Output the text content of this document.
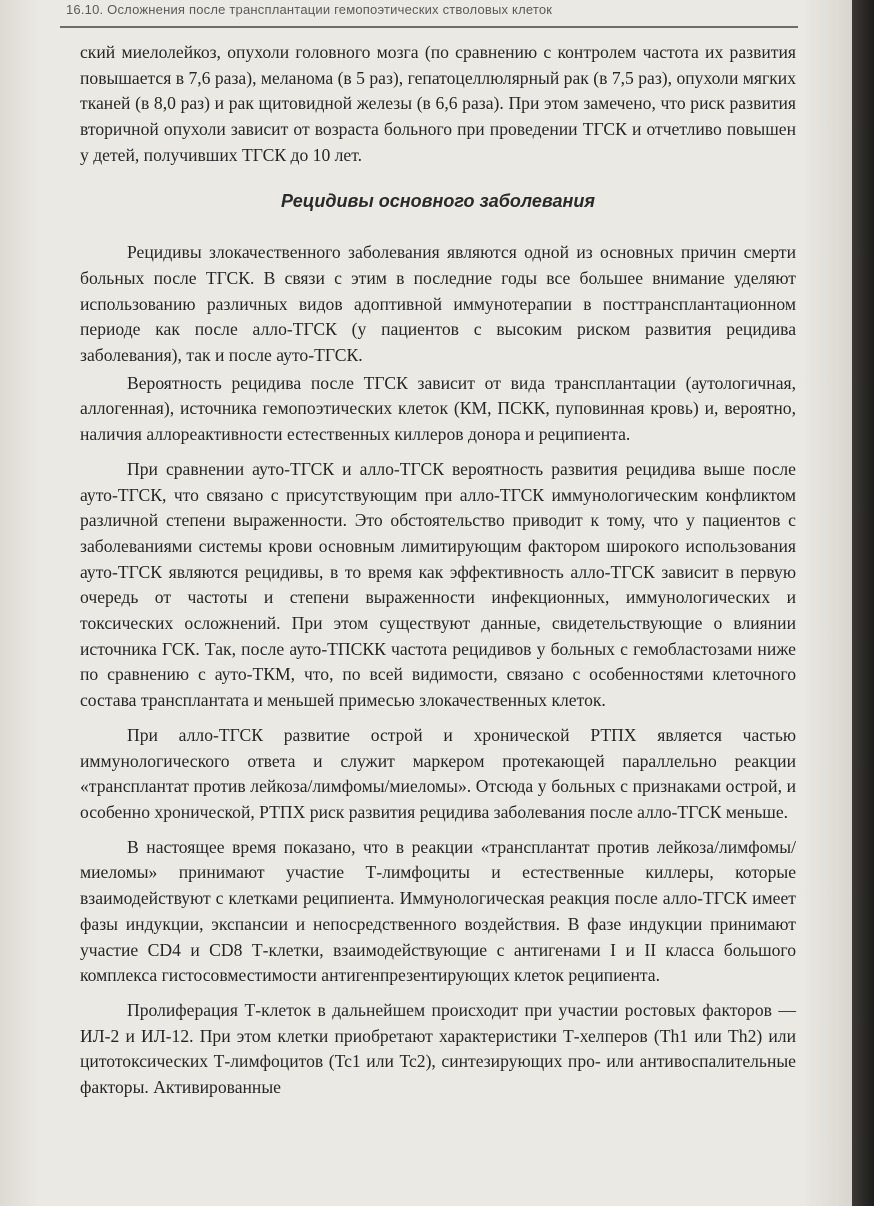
16.10. Осложнения после трансплантации гемопоэтических стволовых клеток

ский миелолейкоз, опухоли головного мозга (по сравнению с контролем частота их развития повышается в 7,6 раза), меланома (в 5 раз), гепатоцеллюлярный рак (в 7,5 раз), опухоли мягких тканей (в 8,0 раз) и рак щитовидной железы (в 6,6 раза). При этом замечено, что риск развития вторичной опухоли зависит от возраста больного при проведении ТГСК и отчетливо повышен у детей, получивших ТГСК до 10 лет.

Рецидивы основного заболевания

Рецидивы злокачественного заболевания являются одной из основных причин смерти больных после ТГСК. В связи с этим в последние годы все большее внимание уделяют использованию различных видов адоптивной иммунотерапии в посттрансплантационном периоде как после алло-ТГСК (у пациентов с высоким риском развития рецидива заболевания), так и после ауто-ТГСК.

Вероятность рецидива после ТГСК зависит от вида трансплантации (аутологичная, аллогенная), источника гемопоэтических клеток (КМ, ПСКК, пуповинная кровь) и, вероятно, наличия аллореактивности естественных киллеров донора и реципиента.

При сравнении ауто-ТГСК и алло-ТГСК вероятность развития рецидива выше после ауто-ТГСК, что связано с присутствующим при алло-ТГСК иммунологическим конфликтом различной степени выраженности. Это обстоятельство приводит к тому, что у пациентов с заболеваниями системы крови основным лимитирующим фактором широкого использования ауто-ТГСК являются рецидивы, в то время как эффективность алло-ТГСК зависит в первую очередь от частоты и степени выраженности инфекционных, иммунологических и токсических осложнений. При этом существуют данные, свидетельствующие о влиянии источника ГСК. Так, после ауто-ТПСКК частота рецидивов у больных с гемобластозами ниже по сравнению с ауто-ТКМ, что, по всей видимости, связано с особенностями клеточного состава трансплантата и меньшей примесью злокачественных клеток.

При алло-ТГСК развитие острой и хронической РТПХ является частью иммунологического ответа и служит маркером протекающей параллельно реакции «трансплантат против лейкоза/лимфомы/миеломы». Отсюда у больных с признаками острой, и особенно хронической, РТПХ риск развития рецидива заболевания после алло-ТГСК меньше.

В настоящее время показано, что в реакции «трансплантат против лейкоза/лимфомы/миеломы» принимают участие Т-лимфоциты и естественные киллеры, которые взаимодействуют с клетками реципиента. Иммунологическая реакция после алло-ТГСК имеет фазы индукции, экспансии и непосредственного воздействия. В фазе индукции принимают участие CD4 и CD8 Т-клетки, взаимодействующие с антигенами I и II класса большого комплекса гистосовместимости антигенпрезентирующих клеток реципиента.

Пролиферация Т-клеток в дальнейшем происходит при участии ростовых факторов — ИЛ-2 и ИЛ-12. При этом клетки приобретают характеристики Т-хелперов (Th1 или Th2) или цитотоксических Т-лимфоцитов (Tc1 или Tc2), синтезирующих про- или антивоспалительные факторы. Активированные
